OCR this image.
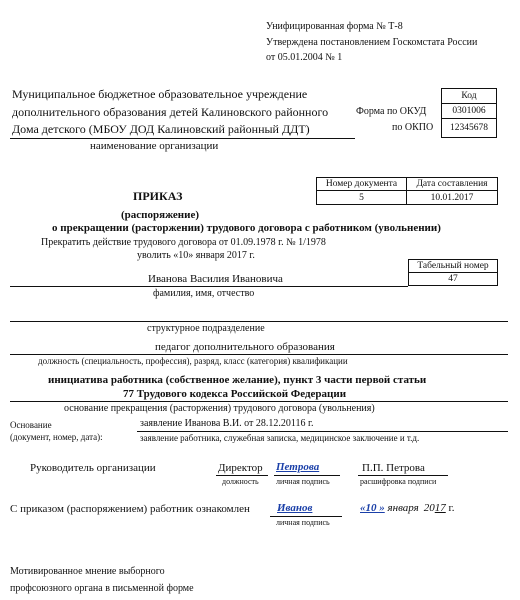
Унифицированная форма № Т-8
Утверждена постановлением Госкомстата России
от 05.01.2004 № 1
Муниципальное бюджетное образовательное учреждение
дополнительного образования детей Калиновского районного
Дома детского (МБОУ ДОД Калиновский районный ДДТ)
наименование организации
Код
Форма по ОКУД	0301006
по ОКПО 12345678
Номер документа Дата составления
5	10.01.2017
ПРИКАЗ
(распоряжение)
о прекращении (расторжении) трудового договора с работником (увольнении)
Прекратить действие трудового договора от 01.09.1978 г. № 1/1978
уволить «10» января 2017 г.
Табельный номер
47
Иванова Василия Ивановича
фамилия, имя, отчество
структурное подразделение
педагог дополнительного образования
должность (специальность, профессия), разряд, класс (категория) квалификации
инициатива работника (собственное желание), пункт 3 части первой статьи
77 Трудового кодекса Российской Федерации
основание прекращения (расторжения) трудового договора (увольнения)
Основание
(документ, номер, дата):
заявление Иванова В.И. от 28.12.20116 г.
заявление работника, служебная записка, медицинское заключение и т.д.
Руководитель организации	Директор
должность
Петрова
личная подпись
П.П. Петрова
расшифровка подписи
С приказом (распоряжением) работник ознакомлен Иванов
личная подпись
«10 » января 2017 г.
Мотивированное мнение выборного
профсоюзного органа в письменной форме
